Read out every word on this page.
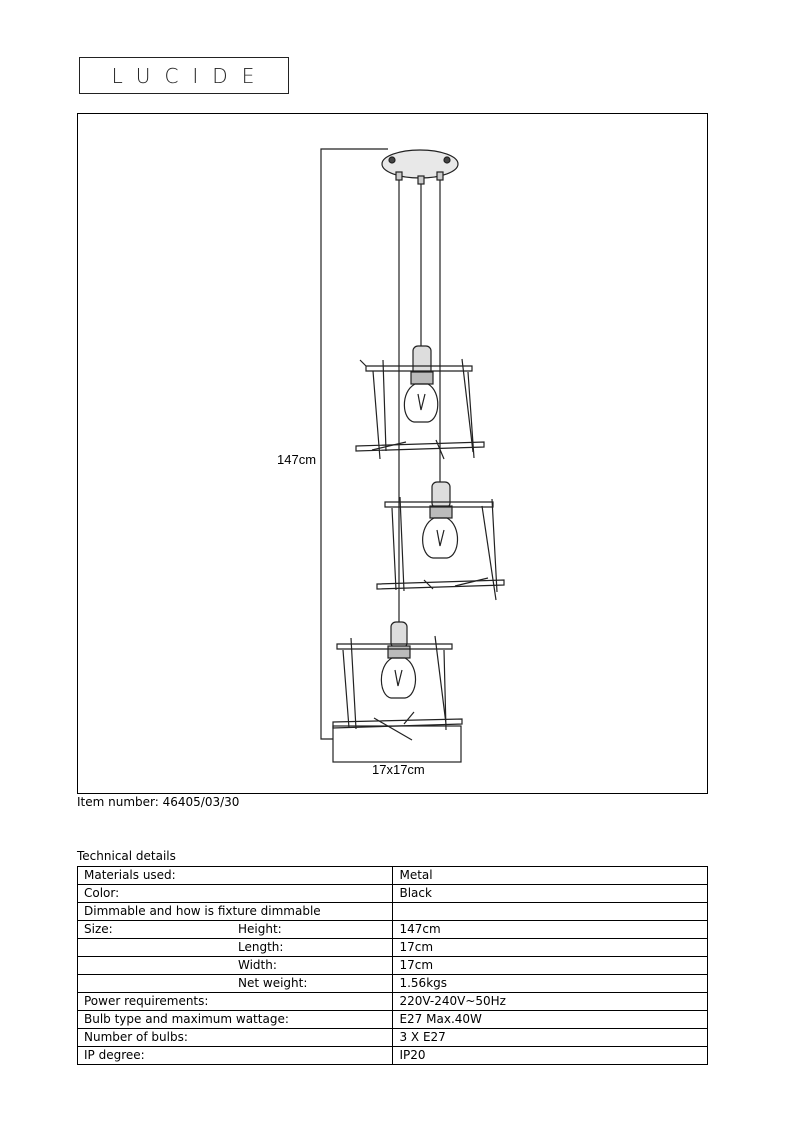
LUCIDE
147cm
17x17cm
Item number: 46405/03/30
Technical details
Materials used:	Metal
Color:	Black
Dimmable and how is fixture dimmable

Size: Height:	147cm

Length:	17cm

Width:	17cm

Net weight:	1.56kgs
Power requirements:	220V-240V~50Hz
Bulb type and maximum wattage:	E27 Max.40W
Number of bulbs:	3 X E27
IP degree:	IP20
